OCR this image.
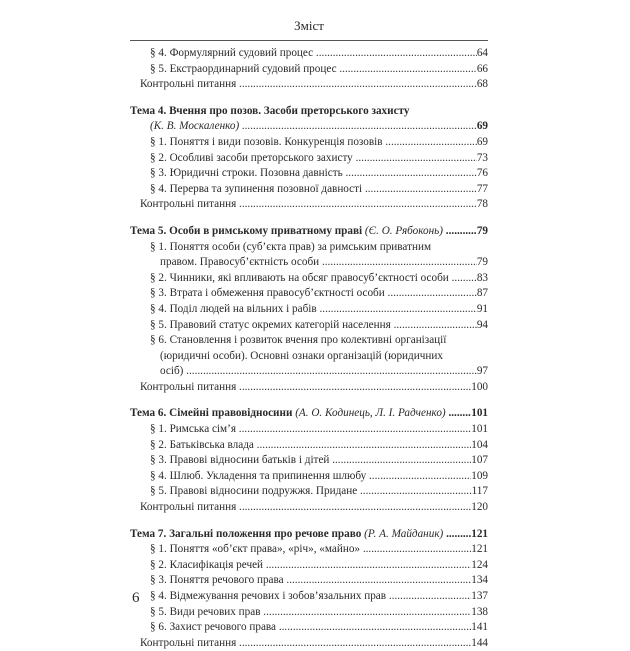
Зміст
§ 4. Формулярний судовий процес .....	64
§ 5. Екстраординарний судовий процес .....	66
Контрольні питання .....	68
Тема 4. Вчення про позов. Засоби преторського захисту
(К. В. Москаленко) .....	69
§ 1. Поняття і види позовів. Конкуренція позовів .....	69
§ 2. Особливі засоби преторського захисту .....	73
§ 3. Юридичні строки. Позовна давність .....	76
§ 4. Перерва та зупинення позовної давності .....	77
Контрольні питання .....	78
Тема 5. Особи в римському приватному праві (Є. О. Рябоконь) .....	79
§ 1. Поняття особи (суб’єкта прав) за римським приватним
правом. Правосуб’єктність особи .....	79
§ 2. Чинники, які впливають на обсяг правосуб’єктності особи .....	83
§ 3. Втрата і обмеження правосуб’єктності особи .....	87
§ 4. Поділ людей на вільних і рабів .....	91
§ 5. Правовий статус окремих категорій населення .....	94
§ 6. Становлення і розвиток вчення про колективні організації
(юридичні особи). Основні ознаки організацій (юридичних
осіб) .....	97
Контрольні питання .....	100
Тема 6. Сімейні правовідносини (А. О. Кодинець, Л. І. Радченко) .....	101
§ 1. Римська сім’я .....	101
§ 2. Батьківська влада .....	104
§ 3. Правові відносини батьків і дітей .....	107
§ 4. Шлюб. Укладення та припинення шлюбу .....	109
§ 5. Правові відносини подружжя. Придане .....	117
Контрольні питання .....	120
Тема 7. Загальні положення про речове право (Р. А. Майданик) .....	121
§ 1. Поняття «об’єкт права», «річ», «майно» .....	121
§ 2. Класифікація речей .....	124
§ 3. Поняття речового права .....	134
§ 4. Відмежування речових і зобов’язальних прав .....	137
§ 5. Види речових прав .....	138
§ 6. Захист речового права .....	141
Контрольні питання .....	144
6
